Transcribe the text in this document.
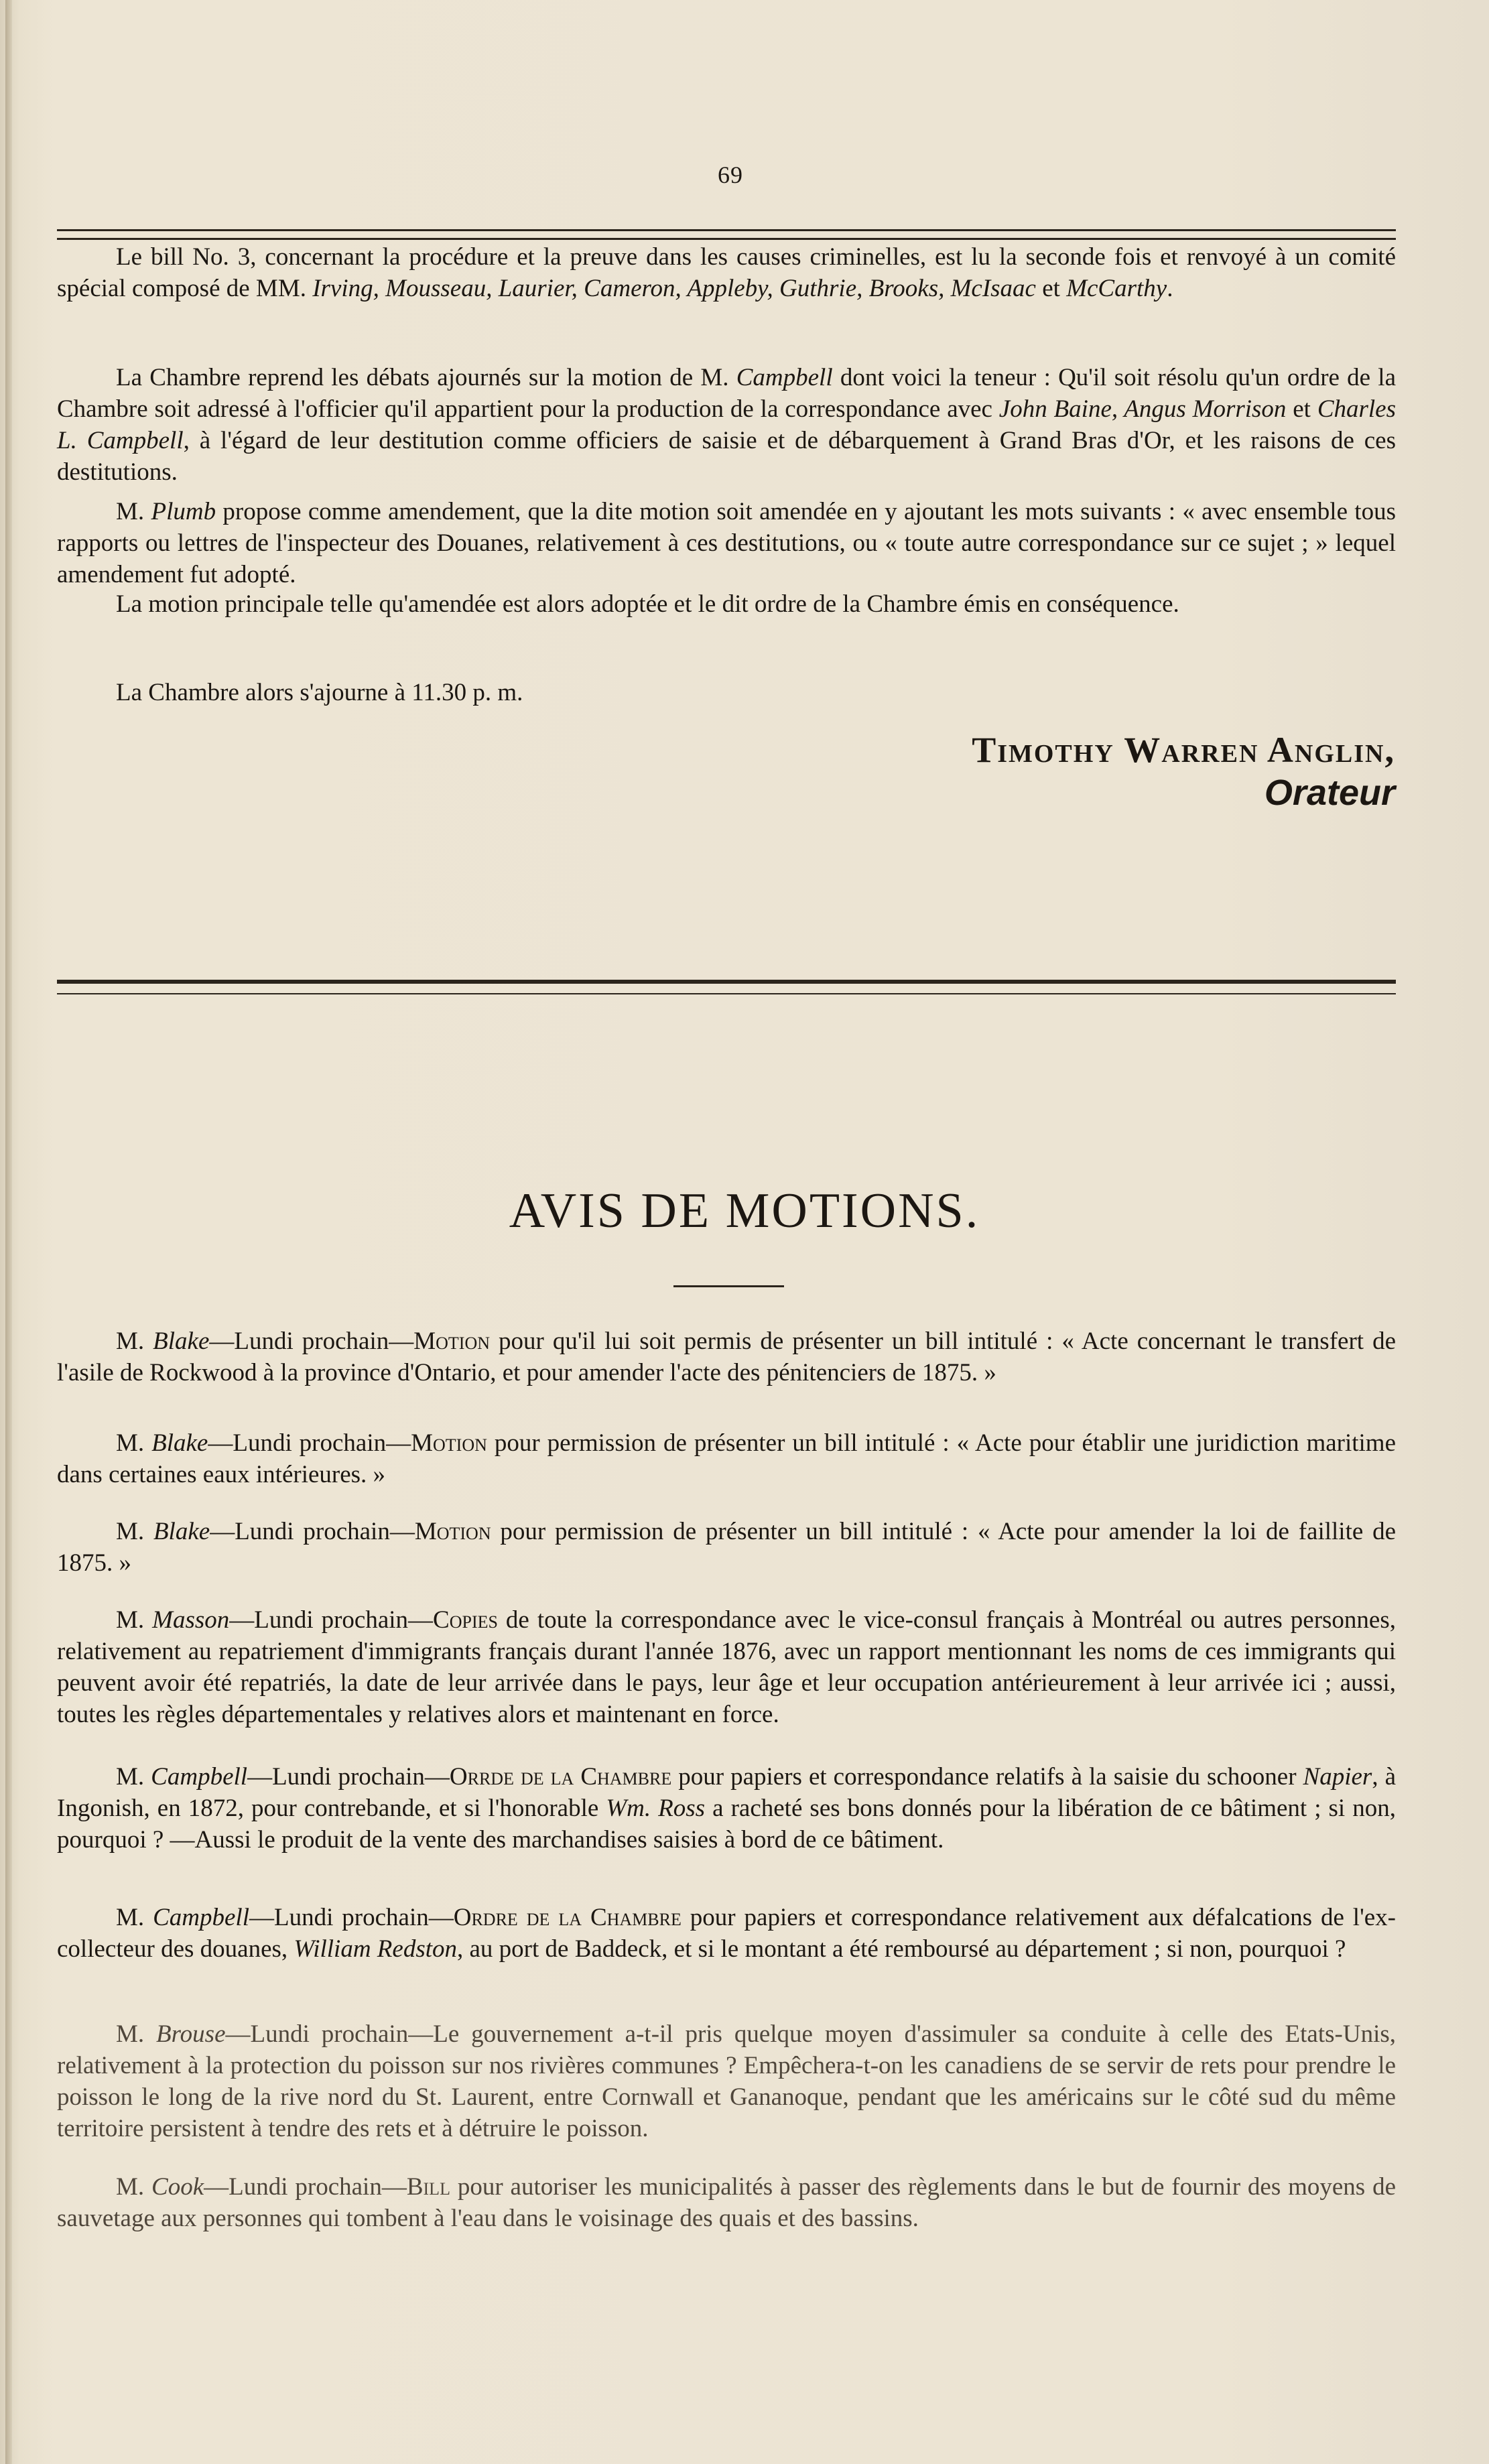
69

Le bill No. 3, concernant la procédure et la preuve dans les causes criminelles, est lu la seconde fois et renvoyé à un comité spécial composé de MM. Irving, Mousseau, Laurier, Cameron, Appleby, Guthrie, Brooks, McIsaac et McCarthy.

La Chambre reprend les débats ajournés sur la motion de M. Campbell dont voici la teneur : Qu'il soit résolu qu'un ordre de la Chambre soit adressé à l'officier qu'il appartient pour la production de la correspondance avec John Baine, Angus Morrison et Charles L. Campbell, à l'égard de leur destitution comme officiers de saisie et de débarquement à Grand Bras d'Or, et les raisons de ces destitutions.

M. Plumb propose comme amendement, que la dite motion soit amendée en y ajoutant les mots suivants : « avec ensemble tous rapports ou lettres de l'inspecteur des Douanes, relativement à ces destitutions, ou « toute autre correspondance sur ce sujet ; » lequel amendement fut adopté.

La motion principale telle qu'amendée est alors adoptée et le dit ordre de la Chambre émis en conséquence.

La Chambre alors s'ajourne à 11.30 p. m.

Timothy Warren Anglin,
Orateur
AVIS DE MOTIONS.

M. Blake—Lundi prochain—Motion pour qu'il lui soit permis de présenter un bill intitulé : « Acte concernant le transfert de l'asile de Rockwood à la province d'Ontario, et pour amender l'acte des pénitenciers de 1875. »

M. Blake—Lundi prochain—Motion pour permission de présenter un bill intitulé : « Acte pour établir une juridiction maritime dans certaines eaux intérieures. »

M. Blake—Lundi prochain—Motion pour permission de présenter un bill intitulé : « Acte pour amender la loi de faillite de 1875. »

M. Masson—Lundi prochain—Copies de toute la correspondance avec le vice-consul français à Montréal ou autres personnes, relativement au repatriement d'immigrants français durant l'année 1876, avec un rapport mentionnant les noms de ces immigrants qui peuvent avoir été repatriés, la date de leur arrivée dans le pays, leur âge et leur occupation antérieurement à leur arrivée ici ; aussi, toutes les règles départementales y relatives alors et maintenant en force.

M. Campbell—Lundi prochain—Orrde de la Chambre pour papiers et correspondance relatifs à la saisie du schooner Napier, à Ingonish, en 1872, pour contrebande, et si l'honorable Wm. Ross a racheté ses bons donnés pour la libération de ce bâtiment ; si non, pourquoi ? —Aussi le produit de la vente des marchandises saisies à bord de ce bâtiment.

M. Campbell—Lundi prochain—Ordre de la Chambre pour papiers et correspondance relativement aux défalcations de l'ex-collecteur des douanes, William Redston, au port de Baddeck, et si le montant a été remboursé au département ; si non, pourquoi ?

M. Brouse—Lundi prochain—Le gouvernement a-t-il pris quelque moyen d'assimuler sa conduite à celle des Etats-Unis, relativement à la protection du poisson sur nos rivières communes ? Empêchera-t-on les canadiens de se servir de rets pour prendre le poisson le long de la rive nord du St. Laurent, entre Cornwall et Gananoque, pendant que les américains sur le côté sud du même territoire persistent à tendre des rets et à détruire le poisson.

M. Cook—Lundi prochain—Bill pour autoriser les municipalités à passer des règlements dans le but de fournir des moyens de sauvetage aux personnes qui tombent à l'eau dans le voisinage des quais et des bassins.
